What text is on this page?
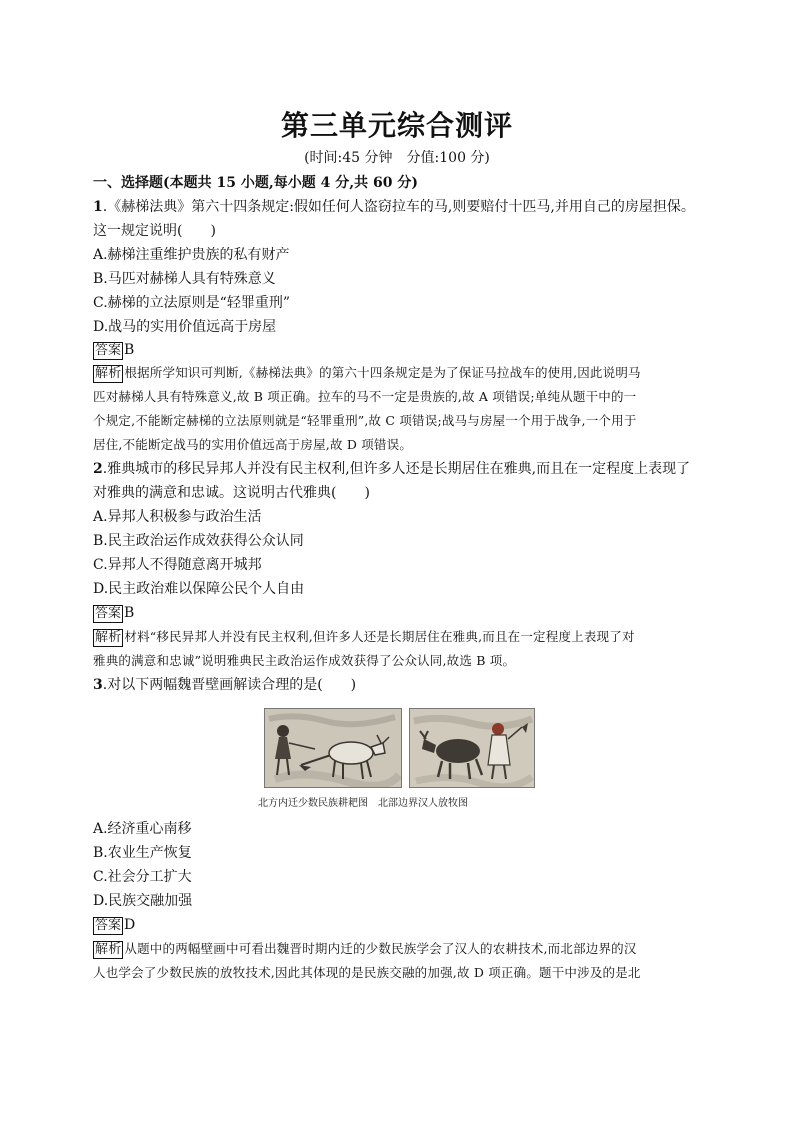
第三单元综合测评
(时间:45 分钟　分值:100 分)
一、选择题(本题共 15 小题,每小题 4 分,共 60 分)
1.《赫梯法典》第六十四条规定:假如任何人盗窃拉车的马,则要赔付十匹马,并用自己的房屋担保。
这一规定说明(　　)
A.赫梯注重维护贵族的私有财产
B.马匹对赫梯人具有特殊意义
C.赫梯的立法原则是“轻罪重刑”
D.战马的实用价值远高于房屋
答案 B
解析 根据所学知识可判断,《赫梯法典》的第六十四条规定是为了保证马拉战车的使用,因此说明马
匹对赫梯人具有特殊意义,故 B 项正确。拉车的马不一定是贵族的,故 A 项错误;单纯从题干中的一
个规定,不能断定赫梯的立法原则就是“轻罪重刑”,故 C 项错误;战马与房屋一个用于战争,一个用于
居住,不能断定战马的实用价值远高于房屋,故 D 项错误。
2.雅典城市的移民异邦人并没有民主权利,但许多人还是长期居住在雅典,而且在一定程度上表现了
对雅典的满意和忠诚。这说明古代雅典(　　)
A.异邦人积极参与政治生活
B.民主政治运作成效获得公众认同
C.异邦人不得随意离开城邦
D.民主政治难以保障公民个人自由
答案 B
解析 材料“移民异邦人并没有民主权利,但许多人还是长期居住在雅典,而且在一定程度上表现了对
雅典的满意和忠诚”说明雅典民主政治运作成效获得了公众认同,故选 B 项。
3.对以下两幅魏晋壁画解读合理的是(　　)
北方内迁少数民族耕耙图　北部边界汉人放牧图
A.经济重心南移
B.农业生产恢复
C.社会分工扩大
D.民族交融加强
答案 D
解析 从题中的两幅壁画中可看出魏晋时期内迁的少数民族学会了汉人的农耕技术,而北部边界的汉
人也学会了少数民族的放牧技术,因此其体现的是民族交融的加强,故 D 项正确。题干中涉及的是北
